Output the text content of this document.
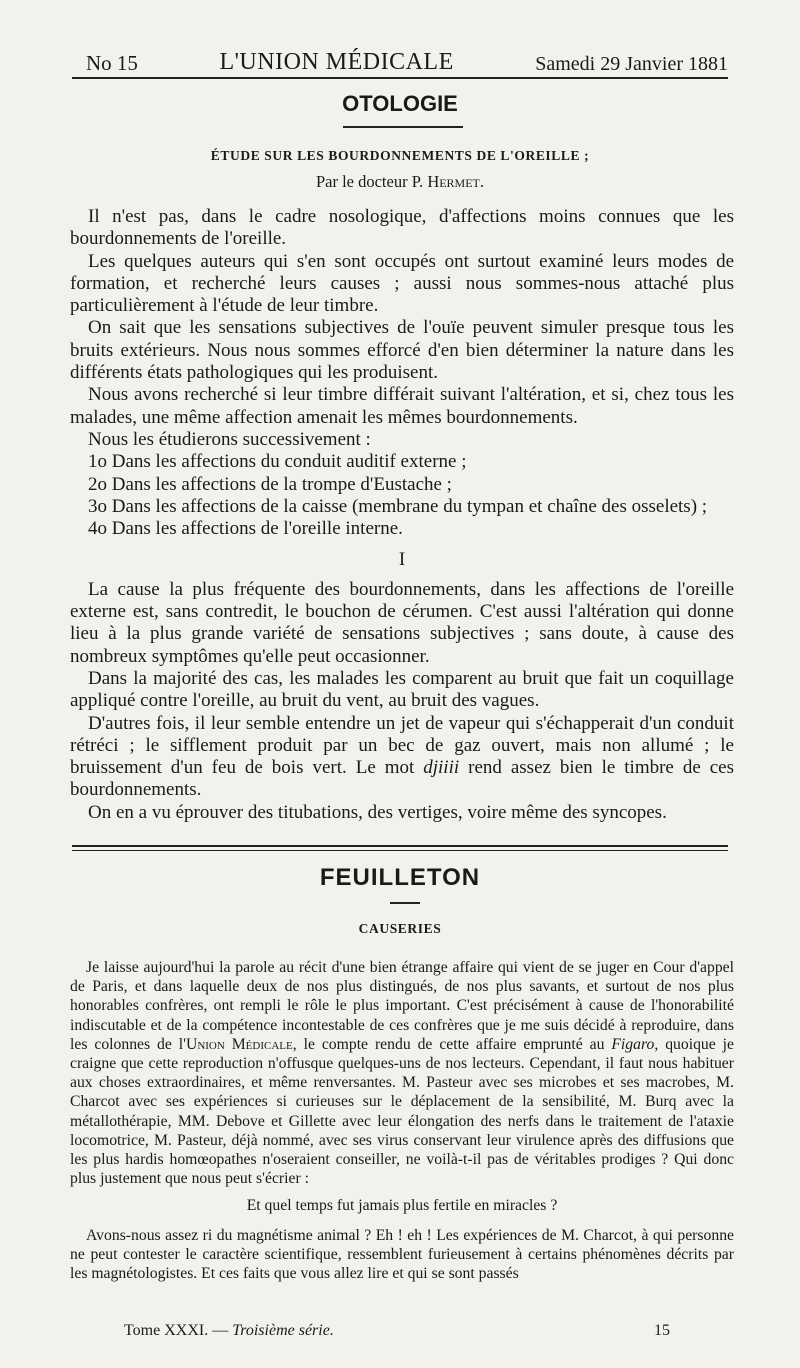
No 15	L'UNION MÉDICALE	Samedi 29 Janvier 1881
OTOLOGIE
ÉTUDE SUR LES BOURDONNEMENTS DE L'OREILLE ;
Par le docteur P. Hermet.

Il n'est pas, dans le cadre nosologique, d'affections moins connues que les bourdonnements de l'oreille.

Les quelques auteurs qui s'en sont occupés ont surtout examiné leurs modes de formation, et recherché leurs causes ; aussi nous sommes-nous attaché plus particulièrement à l'étude de leur timbre.

On sait que les sensations subjectives de l'ouïe peuvent simuler presque tous les bruits extérieurs. Nous nous sommes efforcé d'en bien déterminer la nature dans les différents états pathologiques qui les produisent.

Nous avons recherché si leur timbre différait suivant l'altération, et si, chez tous les malades, une même affection amenait les mêmes bourdonnements.

Nous les étudierons successivement :

1o Dans les affections du conduit auditif externe ;

2o Dans les affections de la trompe d'Eustache ;

3o Dans les affections de la caisse (membrane du tympan et chaîne des osselets) ;

4o Dans les affections de l'oreille interne.

I

La cause la plus fréquente des bourdonnements, dans les affections de l'oreille externe est, sans contredit, le bouchon de cérumen. C'est aussi l'altération qui donne lieu à la plus grande variété de sensations subjectives ; sans doute, à cause des nombreux symptômes qu'elle peut occasionner.

Dans la majorité des cas, les malades les comparent au bruit que fait un coquillage appliqué contre l'oreille, au bruit du vent, au bruit des vagues.

D'autres fois, il leur semble entendre un jet de vapeur qui s'échapperait d'un conduit rétréci ; le sifflement produit par un bec de gaz ouvert, mais non allumé ; le bruissement d'un feu de bois vert. Le mot djiiii rend assez bien le timbre de ces bourdonnements.

On en a vu éprouver des titubations, des vertiges, voire même des syncopes.

FEUILLETON
CAUSERIES

Je laisse aujourd'hui la parole au récit d'une bien étrange affaire qui vient de se juger en Cour d'appel de Paris, et dans laquelle deux de nos plus distingués, de nos plus savants, et surtout de nos plus honorables confrères, ont rempli le rôle le plus important. C'est précisément à cause de l'honorabilité indiscutable et de la compétence incontestable de ces confrères que je me suis décidé à reproduire, dans les colonnes de l'Union Médicale, le compte rendu de cette affaire emprunté au Figaro, quoique je craigne que cette reproduction n'offusque quelques-uns de nos lecteurs. Cependant, il faut nous habituer aux choses extraordinaires, et même renversantes. M. Pasteur avec ses microbes et ses macrobes, M. Charcot avec ses expériences si curieuses sur le déplacement de la sensibilité, M. Burq avec la métallothérapie, MM. Debove et Gillette avec leur élongation des nerfs dans le traitement de l'ataxie locomotrice, M. Pasteur, déjà nommé, avec ses virus conservant leur virulence après des diffusions que les plus hardis homœopathes n'oseraient conseiller, ne voilà-t-il pas de véritables prodiges ? Qui donc plus justement que nous peut s'écrier :

Et quel temps fut jamais plus fertile en miracles ?

Avons-nous assez ri du magnétisme animal ? Eh ! eh ! Les expériences de M. Charcot, à qui personne ne peut contester le caractère scientifique, ressemblent furieusement à certains phénomènes décrits par les magnétologistes. Et ces faits que vous allez lire et qui se sont passés

Tome XXXI. — Troisième série.	15
